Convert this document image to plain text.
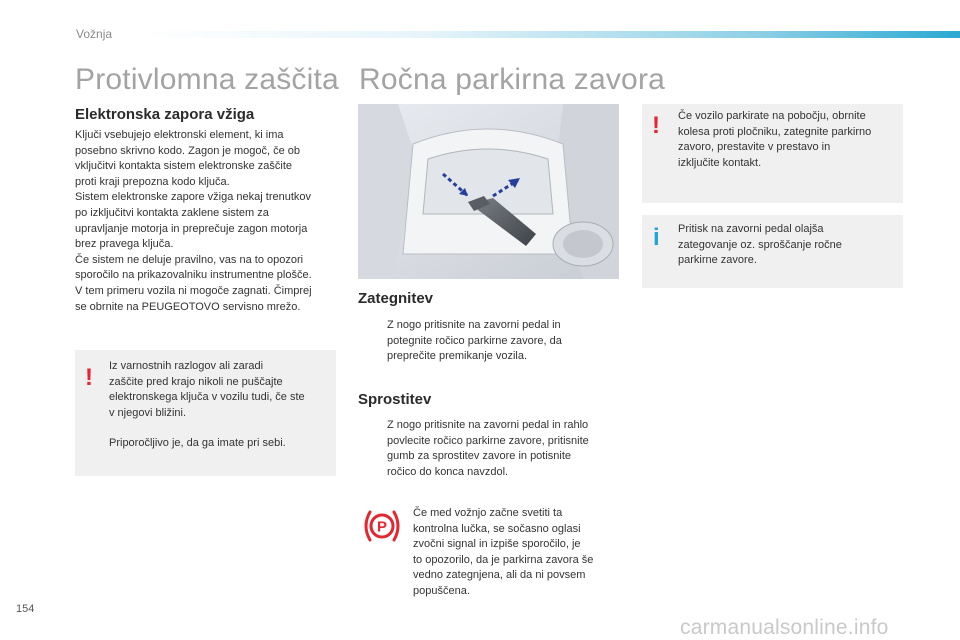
Vožnja
Protivlomna zaščita Ročna parkirna zavora
Elektronska zapora vžiga
Ključi vsebujejo elektronski element, ki ima
posebno skrivno kodo. Zagon je mogoč, če ob
vključitvi kontakta sistem elektronske zaščite
proti kraji prepozna kodo ključa.
Sistem elektronske zapore vžiga nekaj trenutkov
po izključitvi kontakta zaklene sistem za
upravljanje motorja in preprečuje zagon motorja
brez pravega ključa.
Če sistem ne deluje pravilno, vas na to opozori
sporočilo na prikazovalniku instrumentne plošče.
V tem primeru vozila ni mogoče zagnati. Čimprej
se obrnite na PEUGEOTOVO servisno mrežo.
! Iz varnostnih razlogov ali zaradi
zaščite pred krajo nikoli ne puščajte
elektronskega ključa v vozilu tudi, če ste
v njegovi bližini.
Priporočljivo je, da ga imate pri sebi.
Zategnitev
Z nogo pritisnite na zavorni pedal in
potegnite ročico parkirne zavore, da
preprečite premikanje vozila.
Sprostitev
Z nogo pritisnite na zavorni pedal in rahlo
povlecite ročico parkirne zavore, pritisnite
gumb za sprostitev zavore in potisnite
ročico do konca navzdol.
P
Če med vožnjo začne svetiti ta
kontrolna lučka, se sočasno oglasi
zvočni signal in izpiše sporočilo, je
to opozorilo, da je parkirna zavora še
vedno zategnjena, ali da ni povsem
popuščena.
! Če vozilo parkirate na pobočju, obrnite
kolesa proti pločniku, zategnite parkirno
zavoro, prestavite v prestavo in
izključite kontakt.
i Pritisk na zavorni pedal olajša
zategovanje oz. sproščanje ročne
parkirne zavore.
154
carmanualsonline.info
